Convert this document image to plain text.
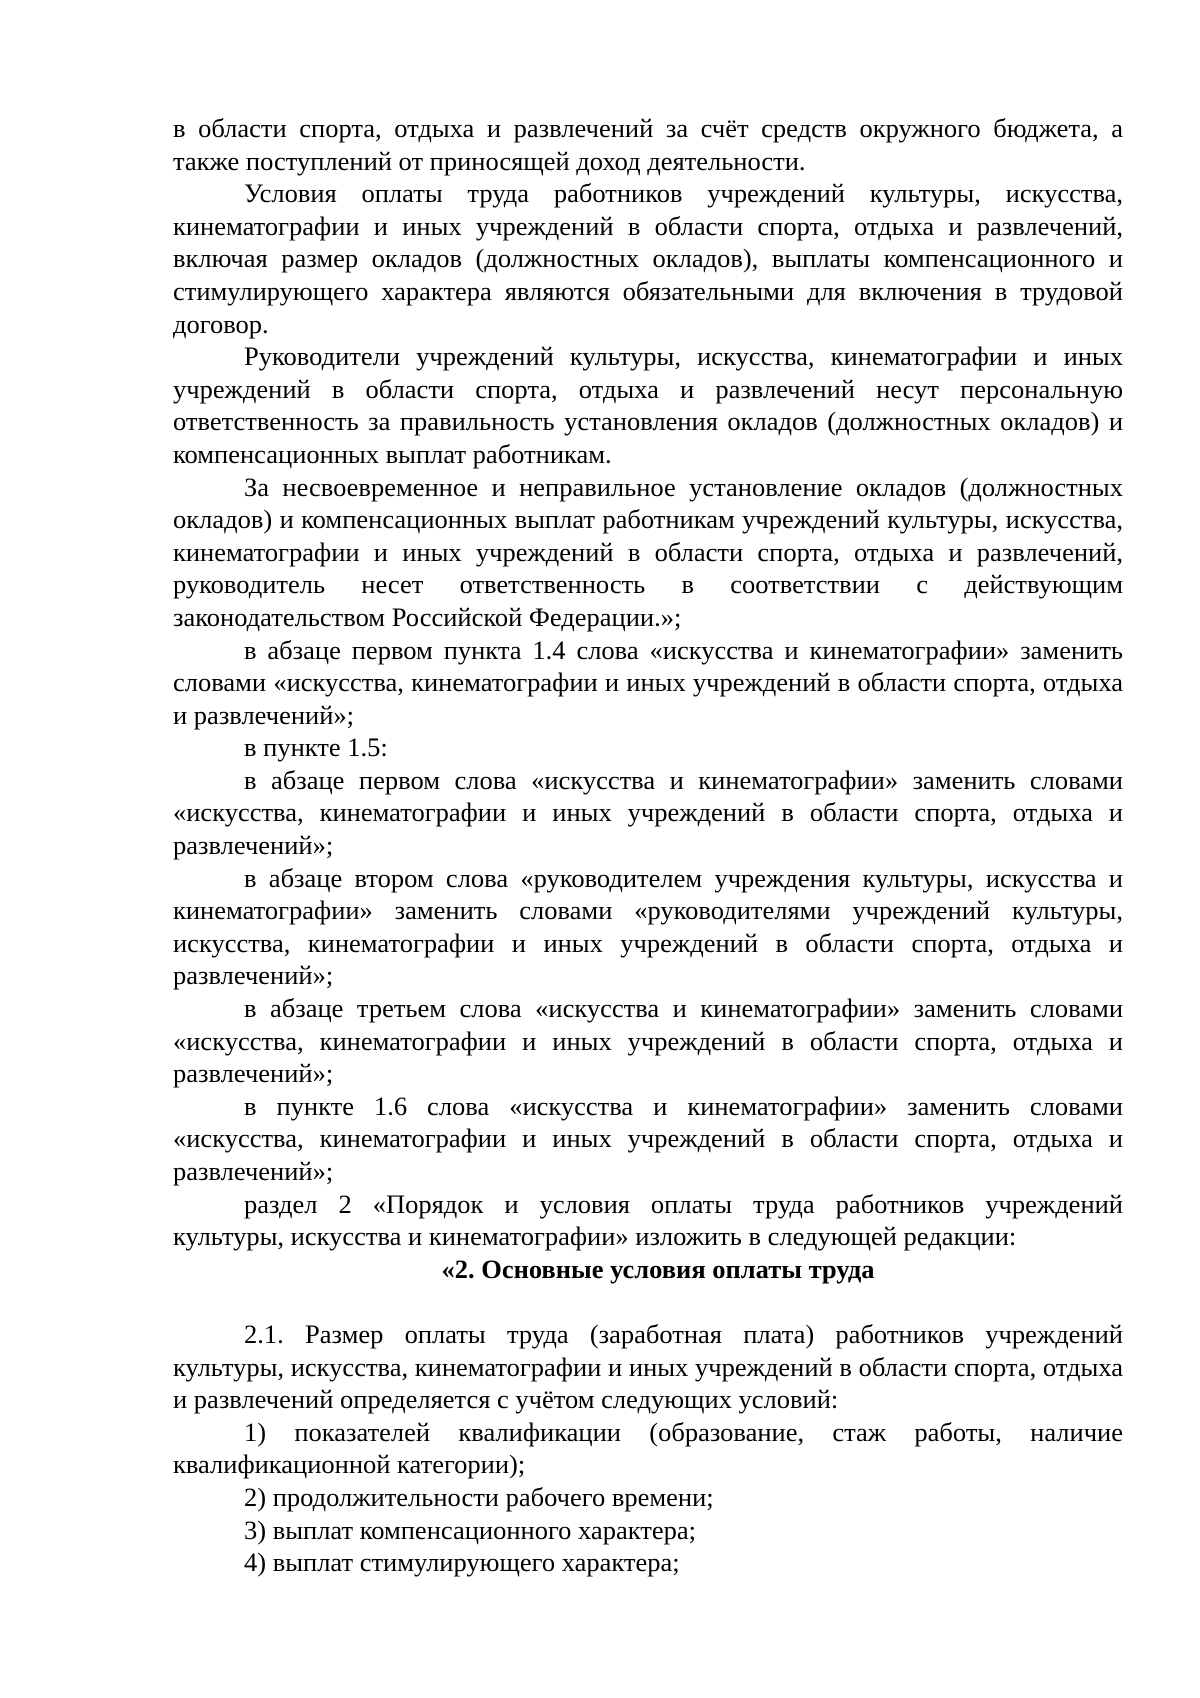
в области спорта, отдыха и развлечений за счёт средств окружного бюджета, а также поступлений от приносящей доход деятельности.

Условия оплаты труда работников учреждений культуры, искусства, кинематографии и иных учреждений в области спорта, отдыха и развлечений, включая размер окладов (должностных окладов), выплаты компенсационного и стимулирующего характера являются обязательными для включения в трудовой договор.

Руководители учреждений культуры, искусства, кинематографии и иных учреждений в области спорта, отдыха и развлечений несут персональную ответственность за правильность установления окладов (должностных окладов) и компенсационных выплат работникам.

За несвоевременное и неправильное установление окладов (должностных окладов) и компенсационных выплат работникам учреждений культуры, искусства, кинематографии и иных учреждений в области спорта, отдыха и развлечений, руководитель несет ответственность в соответствии с действующим законодательством Российской Федерации.»;

в абзаце первом пункта 1.4 слова «искусства и кинематографии» заменить словами «искусства, кинематографии и иных учреждений в области спорта, отдыха и развлечений»;

в пункте 1.5:

в абзаце первом слова «искусства и кинематографии» заменить словами «искусства, кинематографии и иных учреждений в области спорта, отдыха и развлечений»;

в абзаце втором слова «руководителем учреждения культуры, искусства и кинематографии» заменить словами «руководителями учреждений культуры, искусства, кинематографии и иных учреждений в области спорта, отдыха и развлечений»;

в абзаце третьем слова «искусства и кинематографии» заменить словами «искусства, кинематографии и иных учреждений в области спорта, отдыха и развлечений»;

в пункте 1.6 слова «искусства и кинематографии» заменить словами «искусства, кинематографии и иных учреждений в области спорта, отдыха и развлечений»;

раздел 2 «Порядок и условия оплаты труда работников учреждений культуры, искусства и кинематографии» изложить в следующей редакции:

«2. Основные условия оплаты труда

2.1. Размер оплаты труда (заработная плата) работников учреждений культуры, искусства, кинематографии и иных учреждений в области спорта, отдыха и развлечений определяется с учётом следующих условий:

1) показателей квалификации (образование, стаж работы, наличие квалификационной категории);

2) продолжительности рабочего времени;

3) выплат компенсационного характера;

4) выплат стимулирующего характера;
